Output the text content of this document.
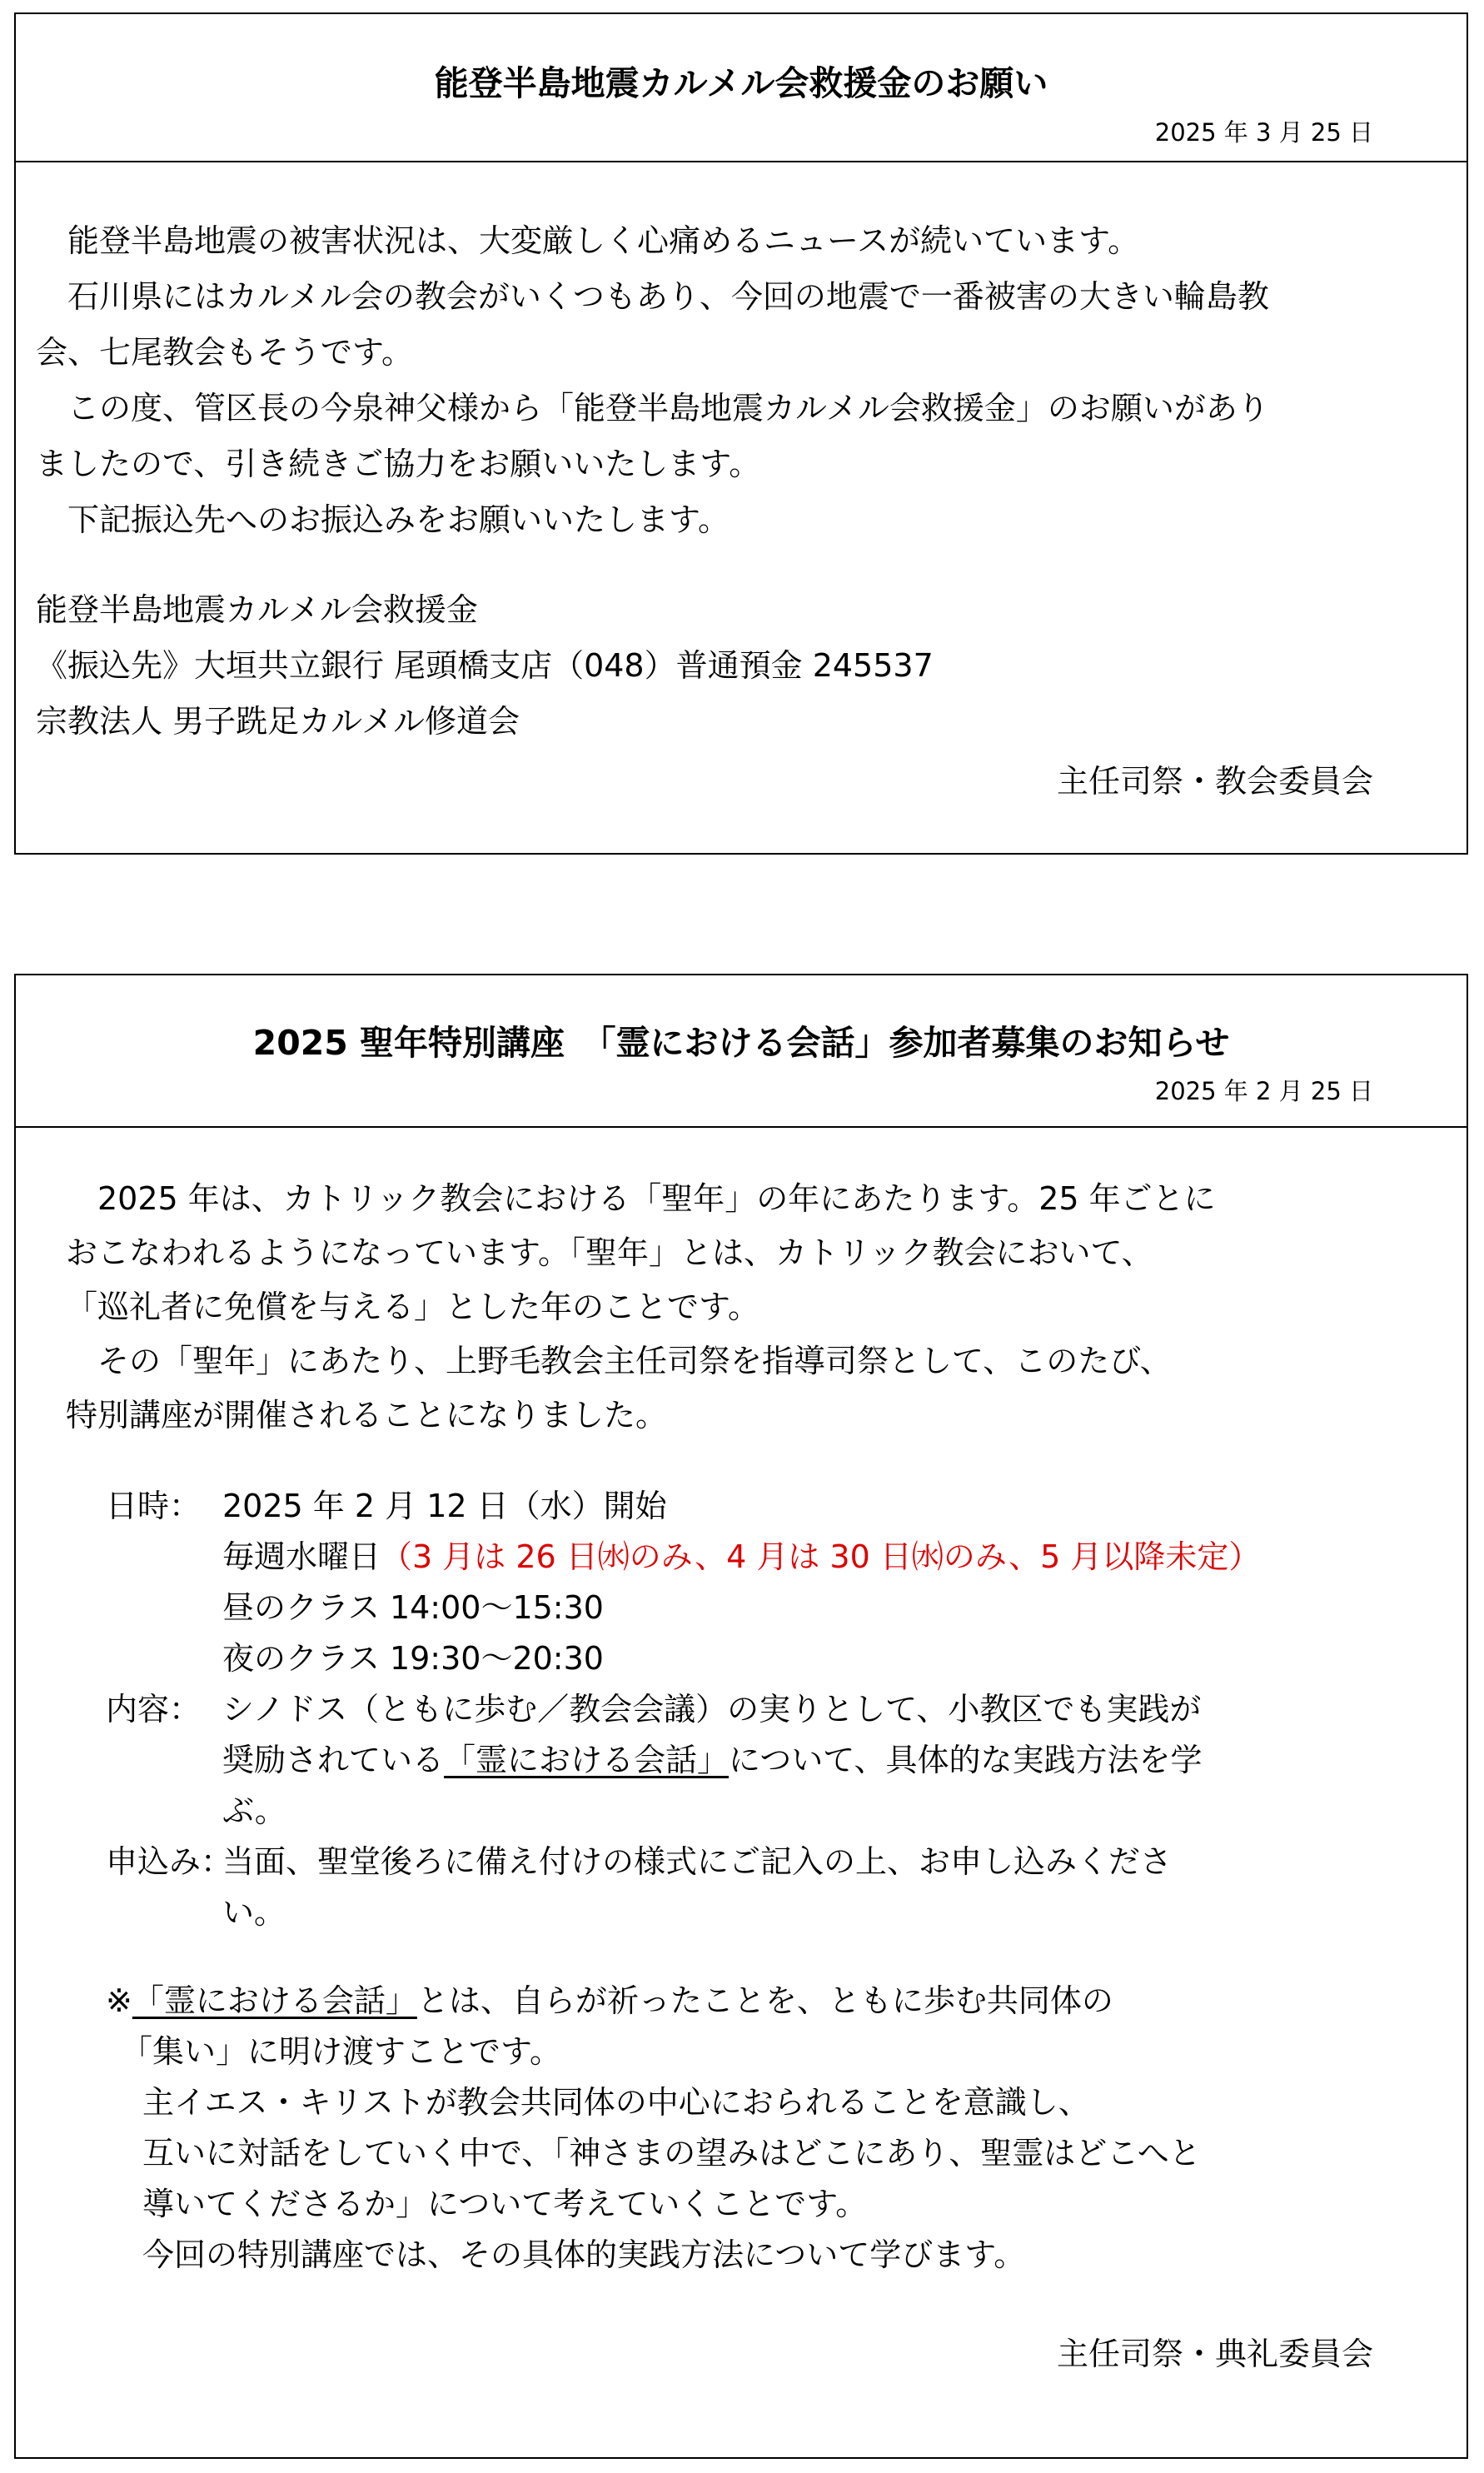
能登半島地震カルメル会救援金のお願い
2025 年 3 月 25 日
　能登半島地震の被害状況は、大変厳しく心痛めるニュースが続いています。
　石川県にはカルメル会の教会がいくつもあり、今回の地震で一番被害の大きい輪島教
会、七尾教会もそうです。
　この度、管区長の今泉神父様から「能登半島地震カルメル会救援金」のお願いがあり
ましたので、引き続きご協力をお願いいたします。
　下記振込先へのお振込みをお願いいたします。
能登半島地震カルメル会救援金
《振込先》大垣共立銀行 尾頭橋支店（048）普通預金 245537
宗教法人 男子跣足カルメル修道会
主任司祭・教会委員会
2025 聖年特別講座　「霊における会話」参加者募集のお知らせ
2025 年 2 月 25 日
　2025 年は、カトリック教会における「聖年」の年にあたります。25 年ごとに
おこなわれるようになっています。「聖年」とは、カトリック教会において、
「巡礼者に免償を与える」とした年のことです。
　その「聖年」にあたり、上野毛教会主任司祭を指導司祭として、このたび、
特別講座が開催されることになりました。
日時： 2025 年 2 月 12 日（水）開始
毎週水曜日（3 月は 26 日㈬のみ、4 月は 30 日㈬のみ、5 月以降未定）
昼のクラス 14:00～15:30
夜のクラス 19:30～20:30
内容： シノドス（ともに歩む／教会会議）の実りとして、小教区でも実践が
奨励されている「霊における会話」について、具体的な実践方法を学
ぶ。
申込み：
当面、聖堂後ろに備え付けの様式にご記入の上、お申し込みくださ
い。
※「霊における会話」とは、自らが祈ったことを、ともに歩む共同体の
「集い」に明け渡すことです。
主イエス・キリストが教会共同体の中心におられることを意識し、
互いに対話をしていく中で、「神さまの望みはどこにあり、聖霊はどこへと
導いてくださるか」について考えていくことです。
今回の特別講座では、その具体的実践方法について学びます。
主任司祭・典礼委員会
